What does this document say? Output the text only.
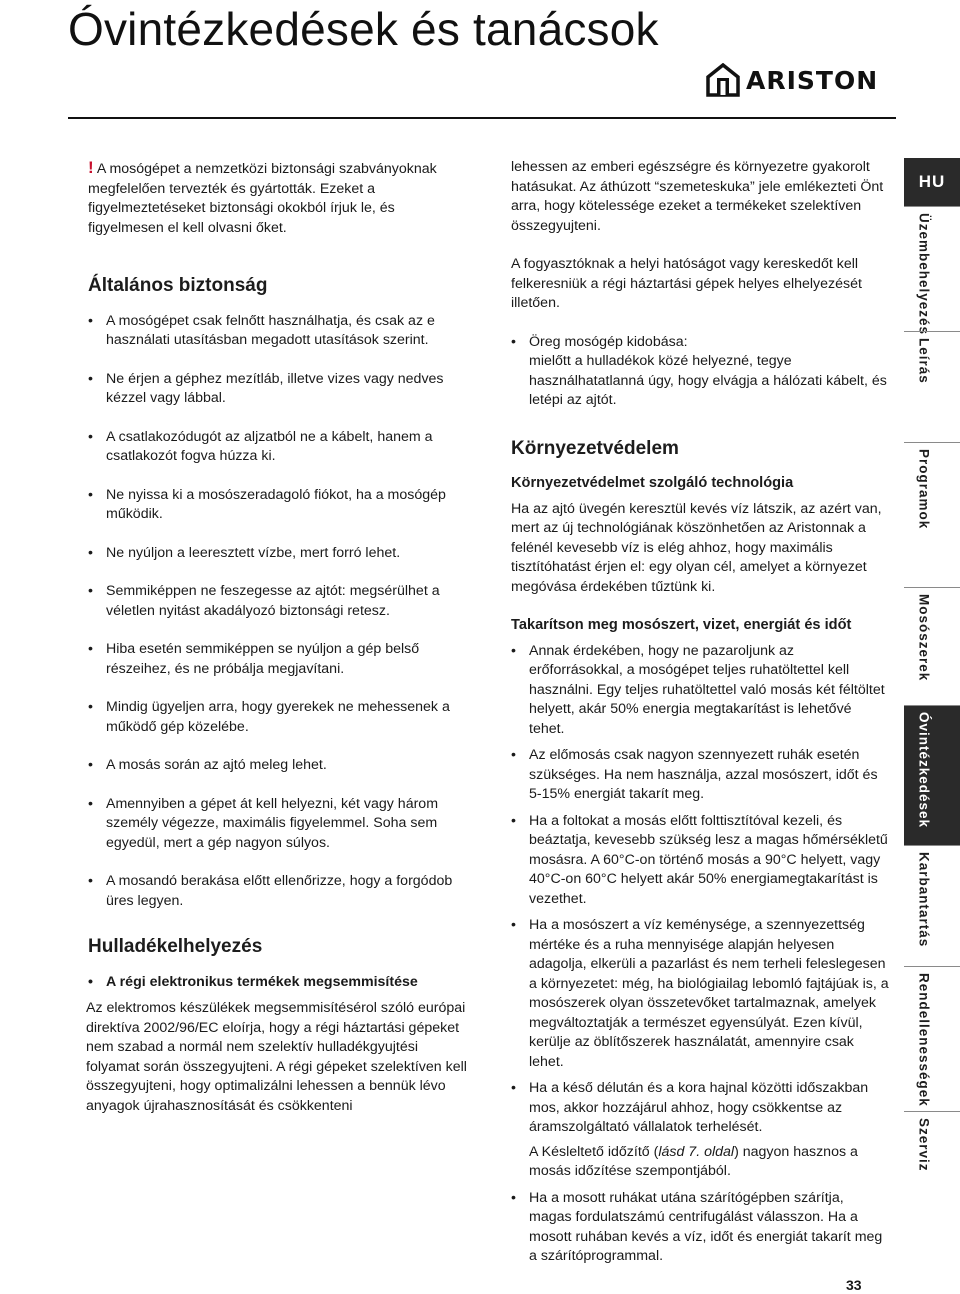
Óvintézkedések és tanácsok
ARISTON

! A mosógépet a nemzetközi biztonsági szabványoknak megfelelően tervezték és gyártották. Ezeket a figyelmeztetéseket biztonsági okokból írjuk le, és figyelmesen el kell olvasni őket.

Általános biztonság
• A mosógépet csak felnőtt használhatja, és csak az e használati utasításban megadott utasítások szerint.
• Ne érjen a géphez mezítláb, illetve vizes vagy nedves kézzel vagy lábbal.
• A csatlakozódugót az aljzatból ne a kábelt, hanem a csatlakozót fogva húzza ki.
• Ne nyissa ki a mosószeradagoló fiókot, ha a mosógép működik.
• Ne nyúljon a leeresztett vízbe, mert forró lehet.
• Semmiképpen ne feszegesse az ajtót: megsérülhet a véletlen nyitást akadályozó biztonsági retesz.
• Hiba esetén semmiképpen se nyúljon a gép belső részeihez, és ne próbálja megjavítani.
• Mindig ügyeljen arra, hogy gyerekek ne mehessenek a működő gép közelébe.
• A mosás során az ajtó meleg lehet.
• Amennyiben a gépet át kell helyezni, két vagy három személy végezze, maximális figyelemmel. Soha sem egyedül, mert a gép nagyon súlyos.
• A mosandó berakása előtt ellenőrizze, hogy a forgódob üres legyen.
Hulladékelhelyezés
• A régi elektronikus termékek megsemmisítése

Az elektromos készülékek megsemmisítésérol szóló európai direktíva 2002/96/EC eloírja, hogy a régi háztartási gépeket nem szabad a normál nem szelektív hulladékgyujtési folyamat során összegyujteni. A régi gépeket szelektíven kell összegyujteni, hogy optimalizálni lehessen a bennük lévo anyagok újrahasznosítását és csökkenteni

lehessen az emberi egészségre és környezetre gyakorolt hatásukat. Az áthúzott “szemeteskuka” jele emlékezteti Önt arra, hogy kötelessége ezeket a termékeket szelektíven összegyujteni.

A fogyasztóknak a helyi hatóságot vagy kereskedőt kell felkeresniük a régi háztartási gépek helyes elhelyezését illetően.

• Öreg mosógép kidobása:
mielőtt a hulladékok közé helyezné, tegye használhatatlanná úgy, hogy elvágja a hálózati kábelt, és letépi az ajtót.
Környezetvédelem
Környezetvédelmet szolgáló technológia

Ha az ajtó üvegén keresztül kevés víz látszik, az azért van, mert az új technológiának köszönhetően az Aristonnak a felénél kevesebb víz is elég ahhoz, hogy maximális tisztítóhatást érjen el: egy olyan cél, amelyet a környezet megóvása érdekében tűztünk ki.

Takarítson meg mosószert, vizet, energiát és időt
• Annak érdekében, hogy ne pazaroljunk az erőforrásokkal, a mosógépet teljes ruhatöltettel kell használni. Egy teljes ruhatöltettel való mosás két féltöltet helyett, akár 50% energia megtakarítást is lehetővé tehet.
• Az előmosás csak nagyon szennyezett ruhák esetén szükséges. Ha nem használja, azzal mosószert, időt és 5-15% energiát takarít meg.
• Ha a foltokat a mosás előtt folttisztítóval kezeli, és beáztatja, kevesebb szükség lesz a magas hőmérsékletű mosásra. A 60°C-on történő mosás a 90°C helyett, vagy 40°C-on 60°C helyett akár 50% energiamegtakarítást is vezethet.
• Ha a mosószert a víz keménysége, a szennyezettség mértéke és a ruha mennyisége alapján helyesen adagolja, elkerüli a pazarlást és nem terheli feleslegesen a környezetet: még, ha biológiailag lebomló fajtájúak is, a mosószerek olyan összetevőket tartalmaznak, amelyek megváltoztatják a természet egyensúlyát. Ezen kívül, kerülje az öblítőszerek használatát, amennyire csak lehet.
• Ha a késő délután és a kora hajnal közötti időszakban mos, akkor hozzájárul ahhoz, hogy csökkentse az áramszolgáltató vállalatok terhelését.

A Késleltető időzítő (lásd 7. oldal) nagyon hasznos a mosás időzítése szempontjából.

• Ha a mosott ruhákat utána szárítógépben szárítja, magas fordulatszámú centrifugálást válasszon. Ha a mosott ruhában kevés a víz, időt és energiát takarít meg a szárítóprogrammal.
HU
Üzembehelyezés
Leírás
Programok
Mosószerek
Óvintézkedések
Karbantartás
Rendellenességek
Szerviz
33
